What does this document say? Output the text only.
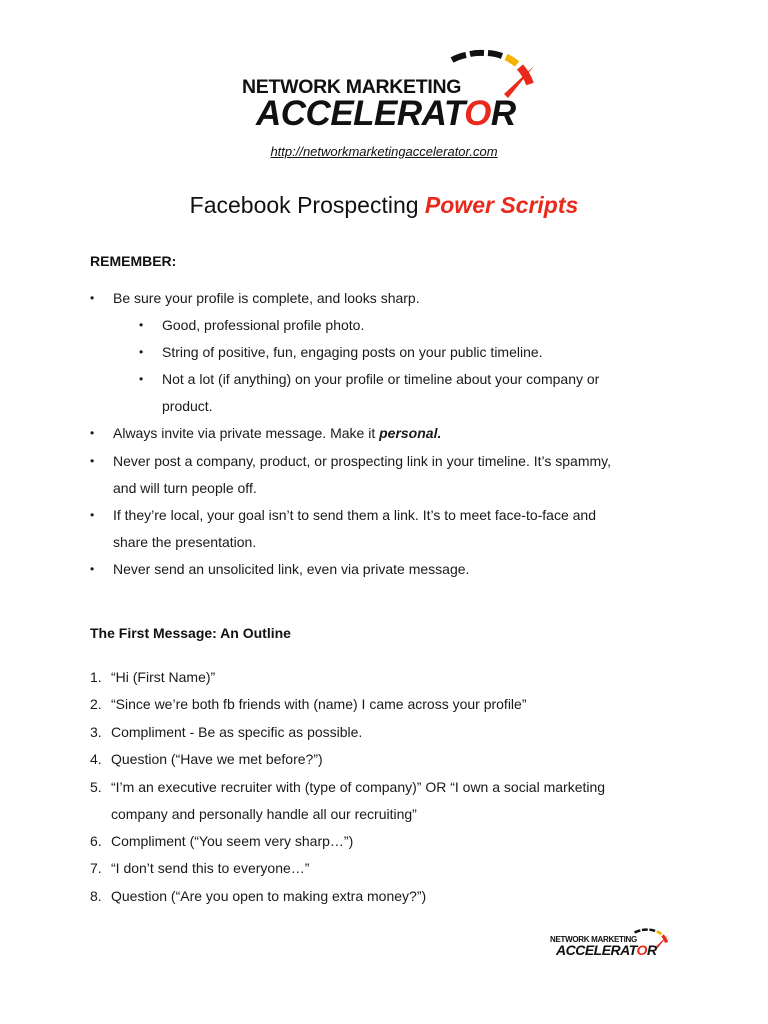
NETWORK MARKETING
ACCELERATOR
http://networkmarketingaccelerator.com
Facebook Prospecting Power Scripts
REMEMBER:
• Be sure your profile is complete, and looks sharp.
• Good, professional profile photo.
• String of positive, fun, engaging posts on your public timeline.
• Not a lot (if anything) on your profile or timeline about your company or
product.
• Always invite via private message. Make it personal.
• Never post a company, product, or prospecting link in your timeline. It’s spammy,
and will turn people off.
• If they’re local, your goal isn’t to send them a link. It’s to meet face-to-face and
share the presentation.
• Never send an unsolicited link, even via private message.
The First Message: An Outline
1. “Hi (First Name)”
2. “Since we’re both fb friends with (name) I came across your profile”
3. Compliment - Be as specific as possible.
4. Question (“Have we met before?”)
5. “I’m an executive recruiter with (type of company)” OR “I own a social marketing
company and personally handle all our recruiting”
6. Compliment (“You seem very sharp…”)
7. “I don’t send this to everyone…”
8. Question (“Are you open to making extra money?”)
NETWORK MARKETING
ACCELERATOR
